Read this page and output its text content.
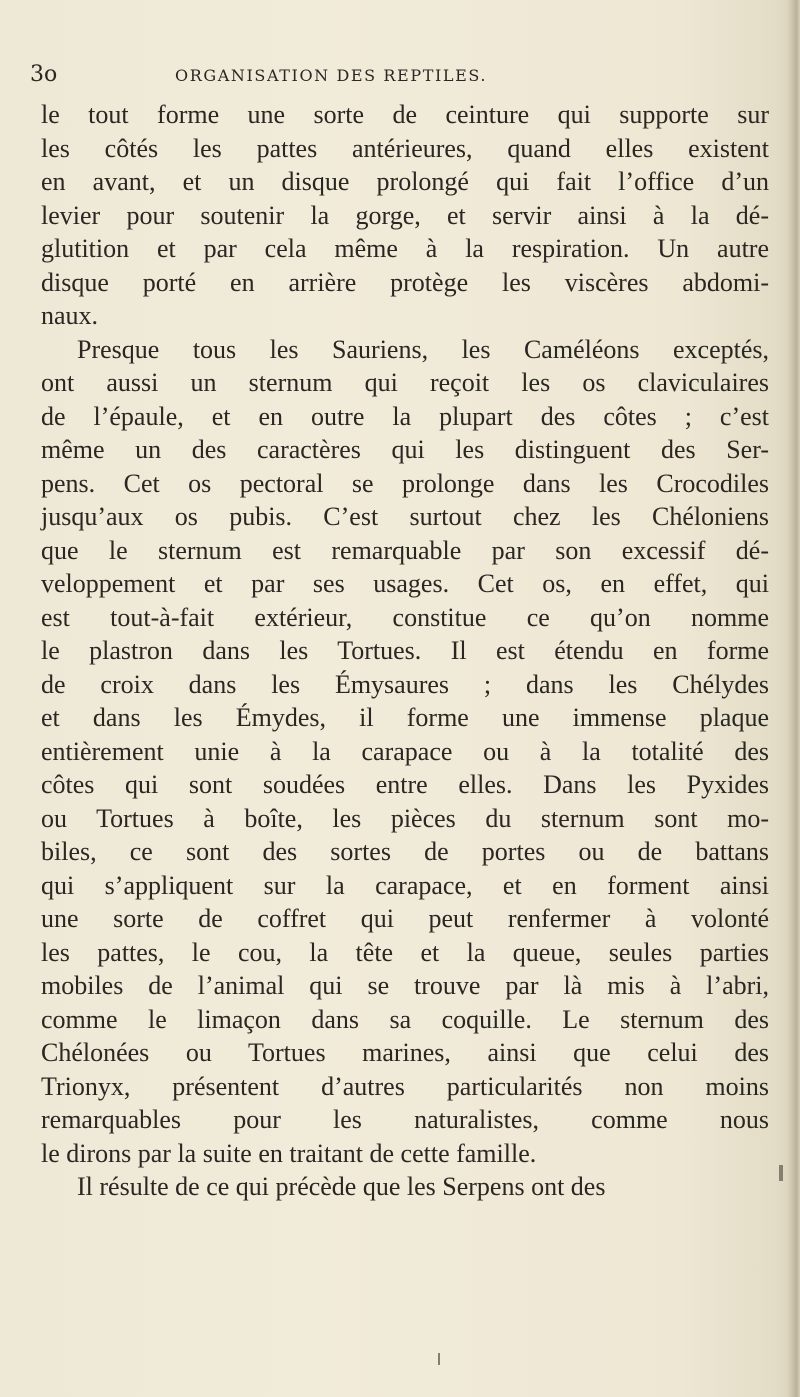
3o	ORGANISATION DES REPTILES.
le tout forme une sorte de ceinture qui supporte sur
les côtés les pattes antérieures, quand elles existent
en avant, et un disque prolongé qui fait l’office d’un
levier pour soutenir la gorge, et servir ainsi à la dé-
glutition et par cela même à la respiration. Un autre
disque porté en arrière protège les viscères abdomi-
naux.
Presque tous les Sauriens, les Caméléons exceptés,
ont aussi un sternum qui reçoit les os claviculaires
de l’épaule, et en outre la plupart des côtes ; c’est
même un des caractères qui les distinguent des Ser-
pens. Cet os pectoral se prolonge dans les Crocodiles
jusqu’aux os pubis. C’est surtout chez les Chéloniens
que le sternum est remarquable par son excessif dé-
veloppement et par ses usages. Cet os, en effet, qui
est tout-à-fait extérieur, constitue ce qu’on nomme
le plastron dans les Tortues. Il est étendu en forme
de croix dans les Émysaures ; dans les Chélydes
et dans les Émydes, il forme une immense plaque
entièrement unie à la carapace ou à la totalité des
côtes qui sont soudées entre elles. Dans les Pyxides
ou Tortues à boîte, les pièces du sternum sont mo-
biles, ce sont des sortes de portes ou de battans
qui s’appliquent sur la carapace, et en forment ainsi
une sorte de coffret qui peut renfermer à volonté
les pattes, le cou, la tête et la queue, seules parties
mobiles de l’animal qui se trouve par là mis à l’abri,
comme le limaçon dans sa coquille. Le sternum des
Chélonées ou Tortues marines, ainsi que celui des
Trionyx, présentent d’autres particularités non moins
remarquables pour les naturalistes, comme nous
le dirons par la suite en traitant de cette famille.
Il résulte de ce qui précède que les Serpens ont des
